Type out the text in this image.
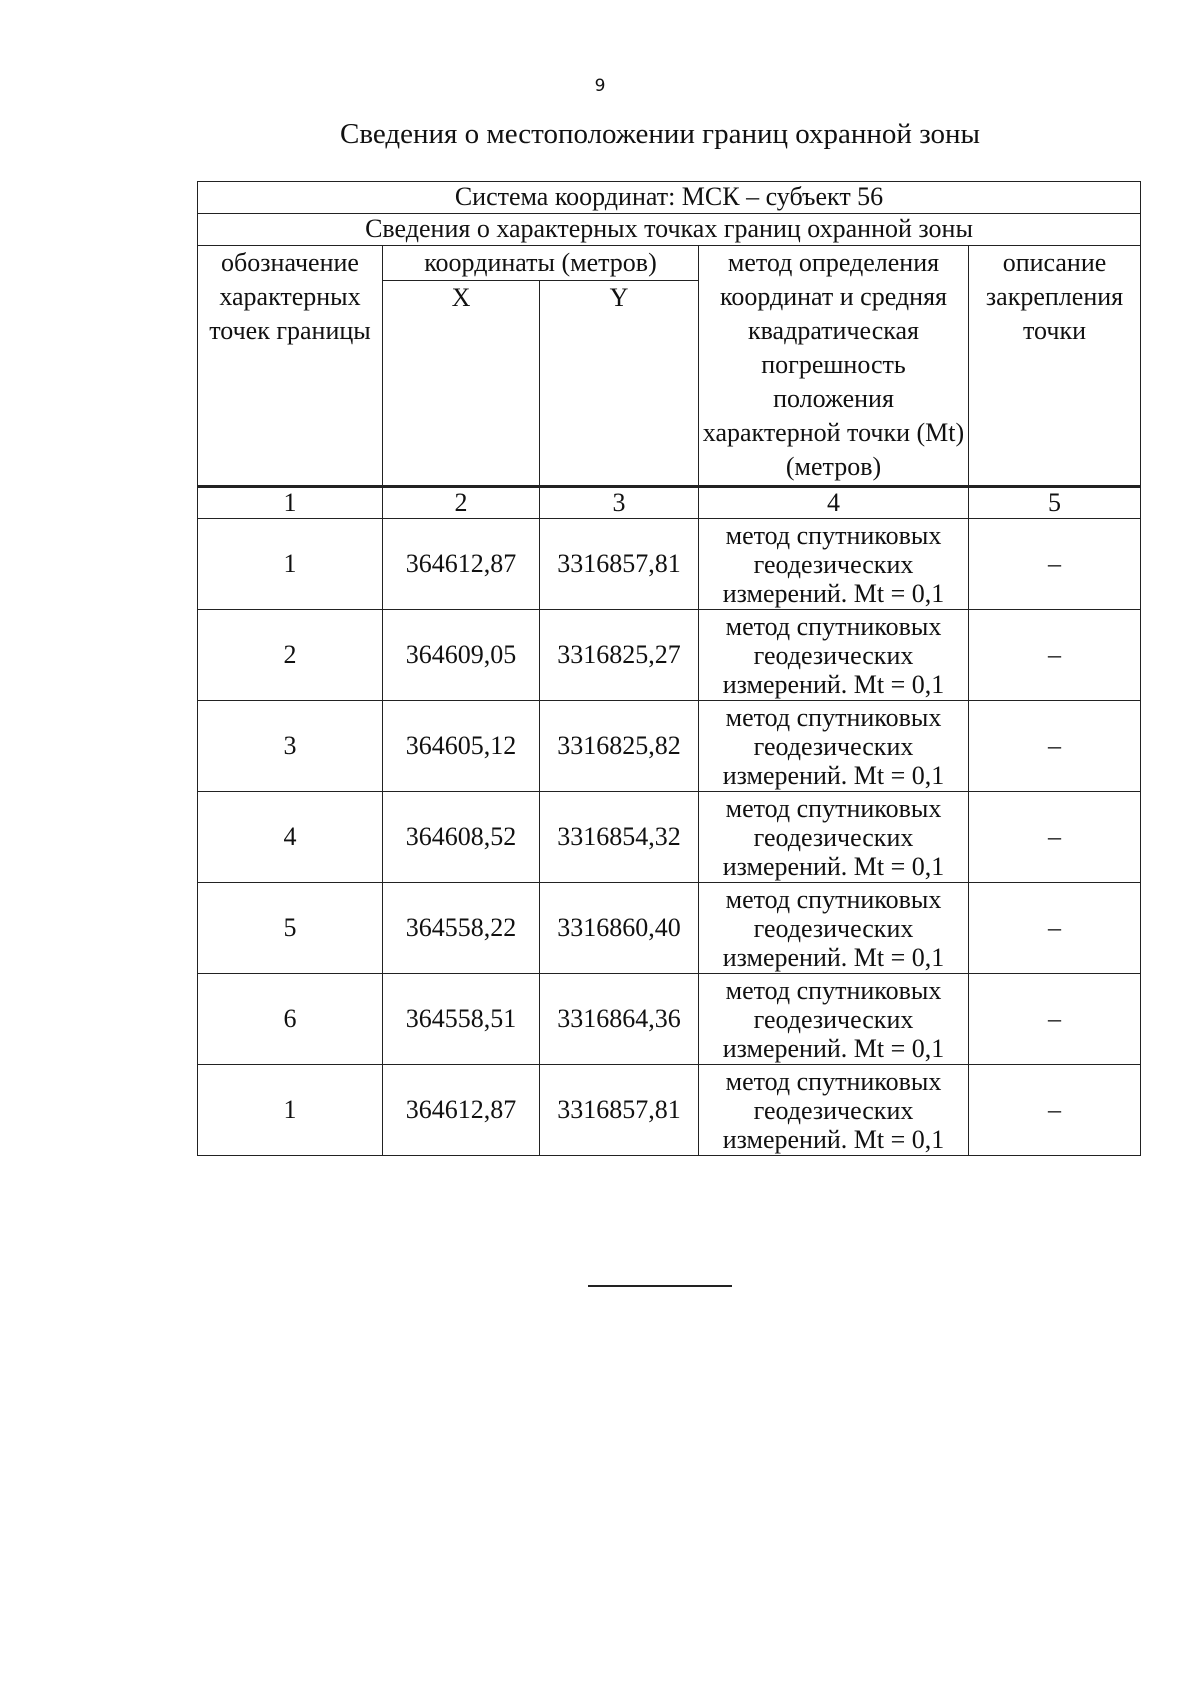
9
Сведения о местоположении границ охранной зоны
Система координат: МСК – субъект 56				
Сведения о характерных точках границ охранной зоны				
обозначение характерных точек границы	координаты (метров)		метод определения координат и средняя квадратическая погрешность положения характерной точки (Mt) (метров)	описание закрепления точки
	X	Y		
1	2	3	4	5
1	364612,87	3316857,81	метод спутниковых геодезических измерений. Mt = 0,1	–
2	364609,05	3316825,27	метод спутниковых геодезических измерений. Mt = 0,1	–
3	364605,12	3316825,82	метод спутниковых геодезических измерений. Mt = 0,1	–
4	364608,52	3316854,32	метод спутниковых геодезических измерений. Mt = 0,1	–
5	364558,22	3316860,40	метод спутниковых геодезических измерений. Mt = 0,1	–
6	364558,51	3316864,36	метод спутниковых геодезических измерений. Mt = 0,1	–
1	364612,87	3316857,81	метод спутниковых геодезических измерений. Mt = 0,1	–
